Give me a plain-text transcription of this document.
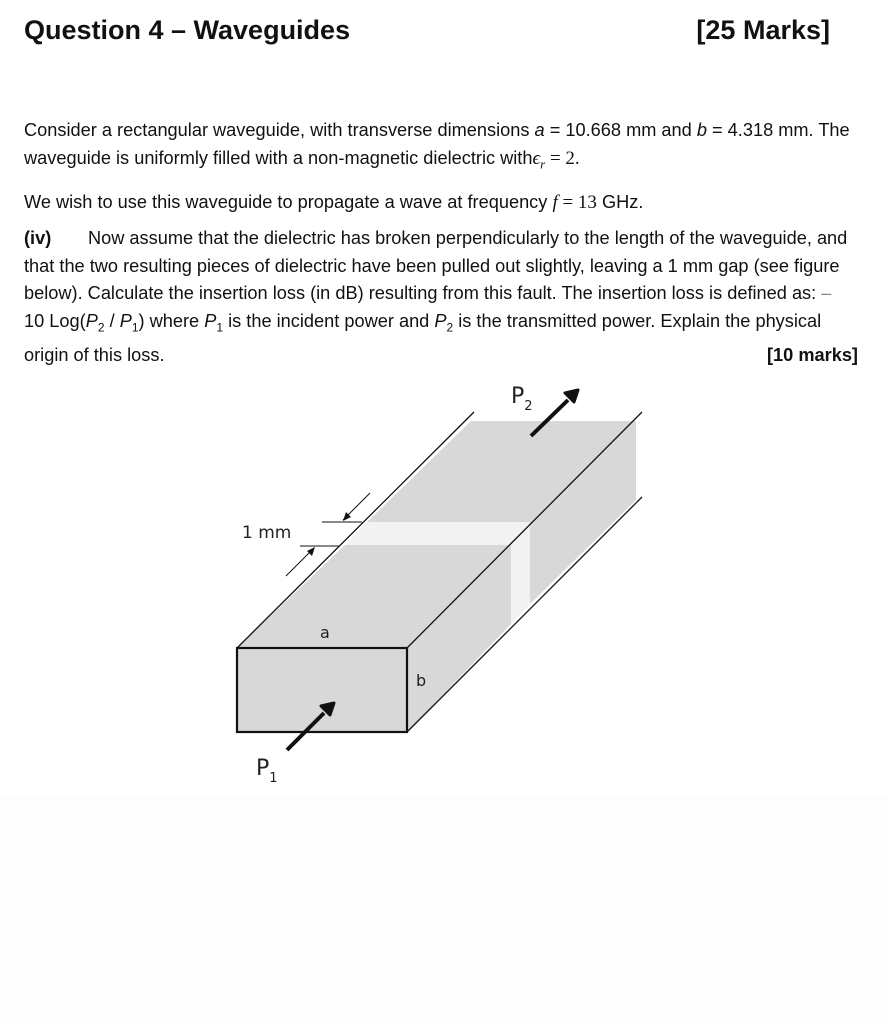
Question 4 – Waveguides	[25 Marks]
Consider a rectangular waveguide, with transverse dimensions a = 10.668 mm and b = 4.318 mm. The waveguide is uniformly filled with a non-magnetic dielectric withϵ$_r$ = 2.
We wish to use this waveguide to propagate a wave at frequency f = 13 GHz.
(iv) Now assume that the dielectric has broken perpendicularly to the length of the waveguide, and that the two resulting pieces of dielectric have been pulled out slightly, leaving a 1 mm gap (see figure below). Calculate the insertion loss (in dB) resulting from this fault. The insertion loss is defined as: – 10 $Log(P_2 / P_1)$ where $P_1$ is the incident power and $P_2$ is the transmitted power. Explain the physical origin of this loss.	[10 marks]
1 mm
a
b
$P_1$
$P_2$
